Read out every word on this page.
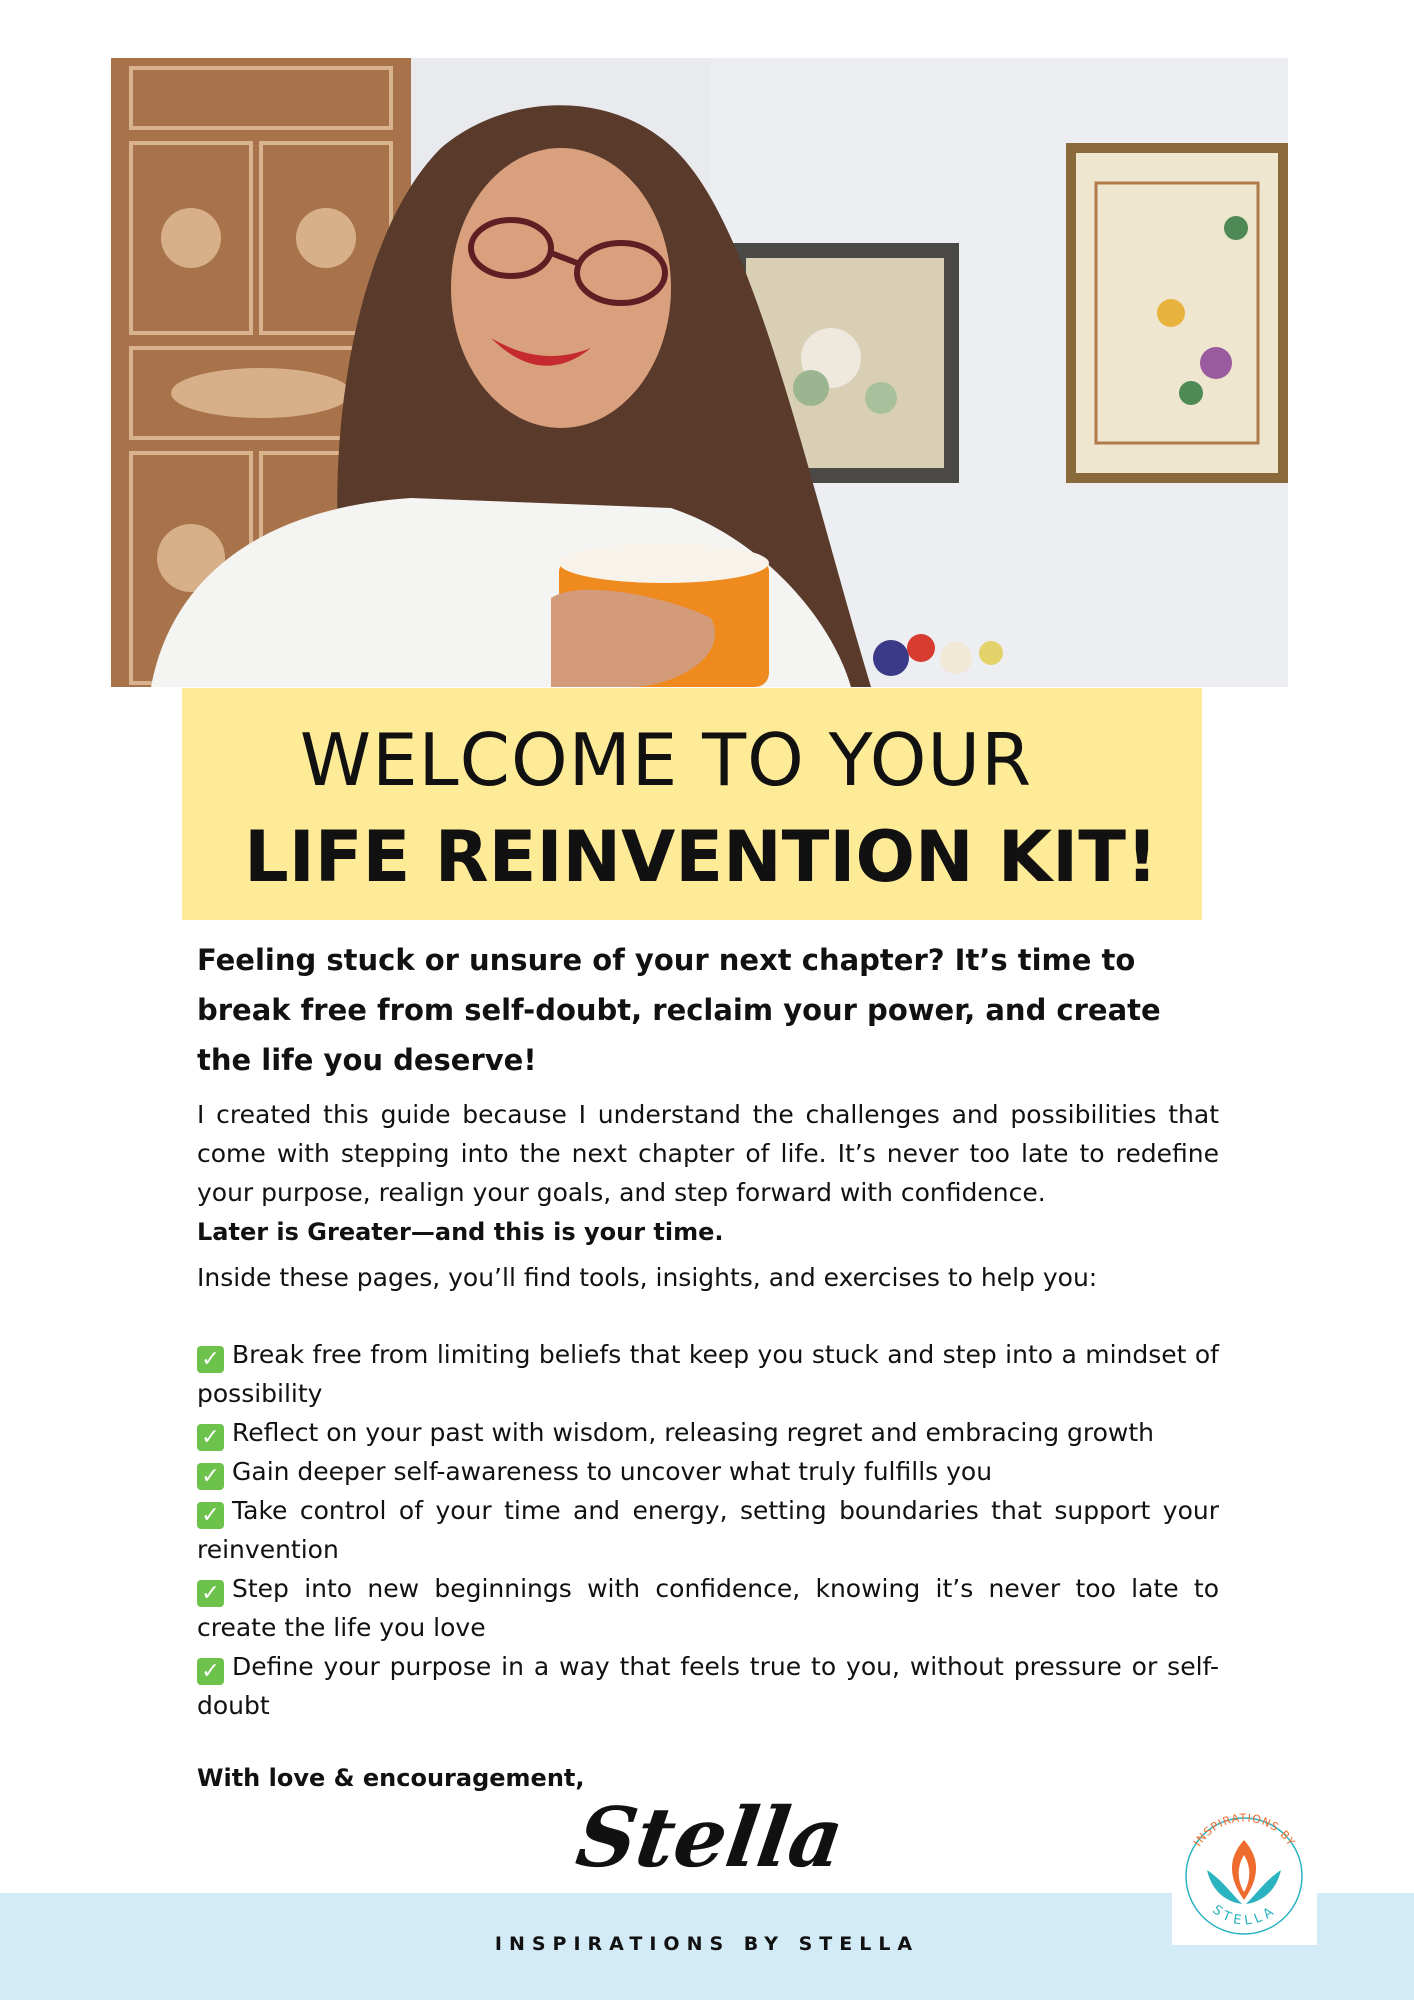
WELCOME TO YOUR
LIFE REINVENTION KIT!

Feeling stuck or unsure of your next chapter? It’s time to break free from self-doubt, reclaim your power, and create the life you deserve!

I created this guide because I understand the challenges and possibilities that come with stepping into the next chapter of life. It’s never too late to redefine your purpose, realign your goals, and step forward with confidence.
Later is Greater—and this is your time.

Inside these pages, you’ll find tools, insights, and exercises to help you:

✓ Break free from limiting beliefs that keep you stuck and step into a mindset of possibility
✓ Reflect on your past with wisdom, releasing regret and embracing growth
✓ Gain deeper self-awareness to uncover what truly fulfills you
✓ Take control of your time and energy, setting boundaries that support your reinvention
✓ Step into new beginnings with confidence, knowing it’s never too late to create the life you love
✓ Define your purpose in a way that feels true to you, without pressure or self-doubt

With love & encouragement,

Stella
INSPIRATIONS BY STELLA
INSPIRATIONS BY
STELLA
